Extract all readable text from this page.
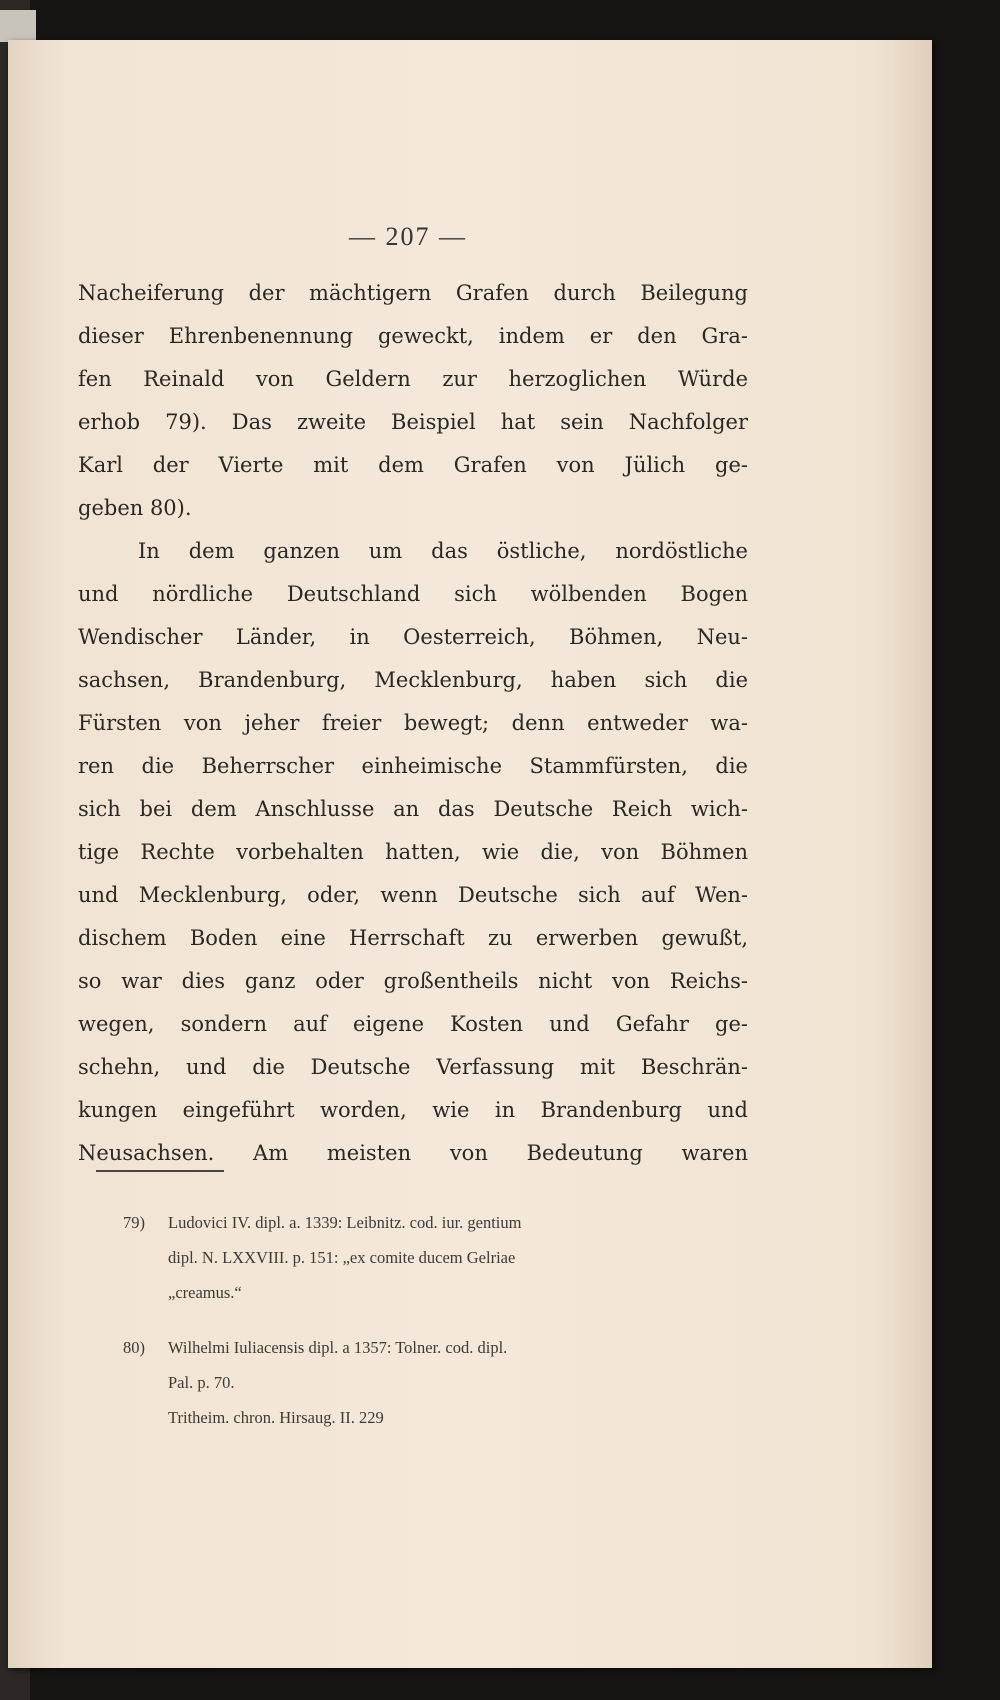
— 207 —
Nacheiferung der mächtigern Grafen durch Beilegung
dieser Ehrenbenennung geweckt, indem er den Gra-
fen Reinald von Geldern zur herzoglichen Würde
erhob 79). Das zweite Beispiel hat sein Nachfolger
Karl der Vierte mit dem Grafen von Jülich ge-
geben 80).
In dem ganzen um das östliche, nordöstliche
und nördliche Deutschland sich wölbenden Bogen
Wendischer Länder, in Oesterreich, Böhmen, Neu-
sachsen, Brandenburg, Mecklenburg, haben sich die
Fürsten von jeher freier bewegt; denn entweder wa-
ren die Beherrscher einheimische Stammfürsten, die
sich bei dem Anschlusse an das Deutsche Reich wich-
tige Rechte vorbehalten hatten, wie die, von Böhmen
und Mecklenburg, oder, wenn Deutsche sich auf Wen-
dischem Boden eine Herrschaft zu erwerben gewußt,
so war dies ganz oder großentheils nicht von Reichs-
wegen, sondern auf eigene Kosten und Gefahr ge-
schehn, und die Deutsche Verfassung mit Beschrän-
kungen eingeführt worden, wie in Brandenburg und
Neusachsen. Am meisten von Bedeutung waren
79) Ludovici IV. dipl. a. 1339: Leibnitz. cod. iur. gentium
dipl. N. LXXVIII. p. 151: „ex comite ducem Gelriae
„creamus.“
80) Wilhelmi Iuliacensis dipl. a 1357: Tolner. cod. dipl.
Pal. p. 70.
Tritheim. chron. Hirsaug. II. 229
